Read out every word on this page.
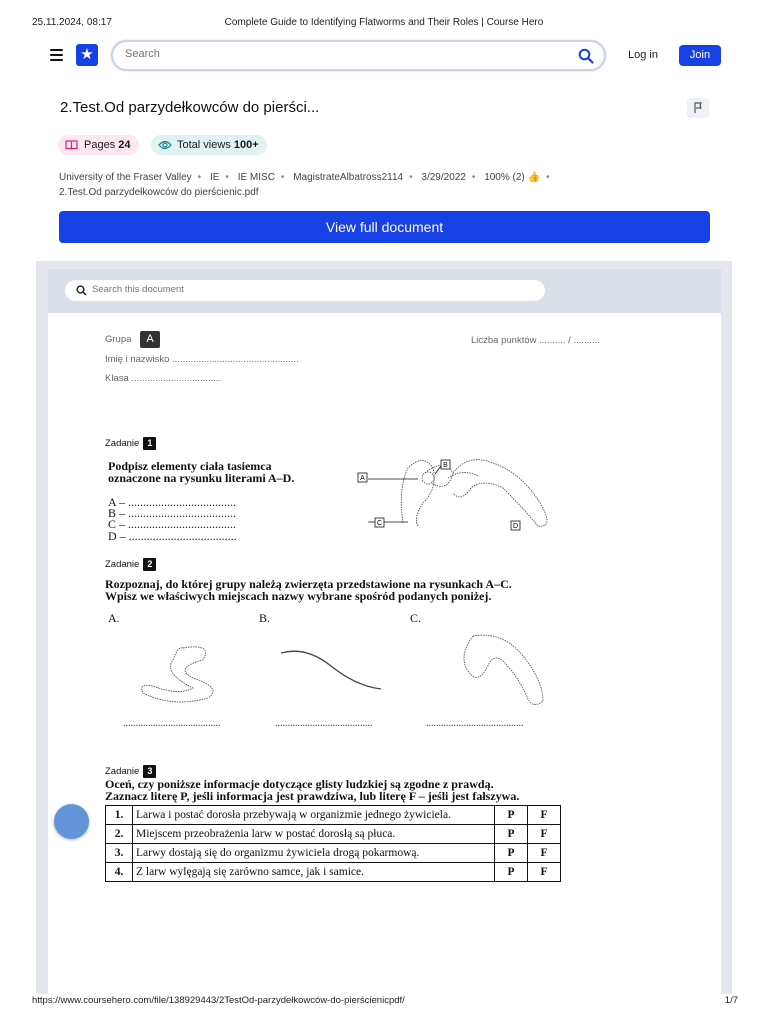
25.11.2024, 08:17	Complete Guide to Identifying Flatworms and Their Roles | Course Hero
★
Search	Log in	Join
2.Test.Od parzydełkowców do pierści...
Pages 24	Total views 100+
University of the Fraser Valley • IE • IE MISC • MagistrateAlbatross2114 • 3/29/2022 • 100% (2) 👍 •
2.Test.Od parzydełkowców do pierścienic.pdf
View full document
Search this document
Grupa A	Liczba punktów .......... / ..........
Imię i nazwisko ................................................
Klasa ..................................
Zadanie 1
Podpisz elementy ciała tasiemca
oznaczone na rysunku literami A–D.
A – ....................................
B – ....................................
C – ....................................
D – ....................................
A
B
C	D
Zadanie 2
Rozpoznaj, do której grupy należą zwierzęta przedstawione na rysunkach A–C.
Wpisz we właściwych miejscach nazwy wybrane spośród podanych poniżej.
A.	B.	C.
.......................................	.......................................	.......................................
Zadanie 3
Oceń, czy poniższe informacje dotyczące glisty ludzkiej są zgodne z prawdą.
Zaznacz literę P, jeśli informacja jest prawdziwa, lub literę F – jeśli jest fałszywa.
1.	Larwa i postać dorosła przebywają w organizmie jednego żywiciela.	P	F
2.	Miejscem przeobrażenia larw w postać dorosłą są płuca.	P	F
3.	Larwy dostają się do organizmu żywiciela drogą pokarmową.	P	F
4.	Z larw wylęgają się zarówno samce, jak i samice.	P	F
https://www.coursehero.com/file/138929443/2TestOd-parzydełkowców-do-pierścienicpdf/	1/7
